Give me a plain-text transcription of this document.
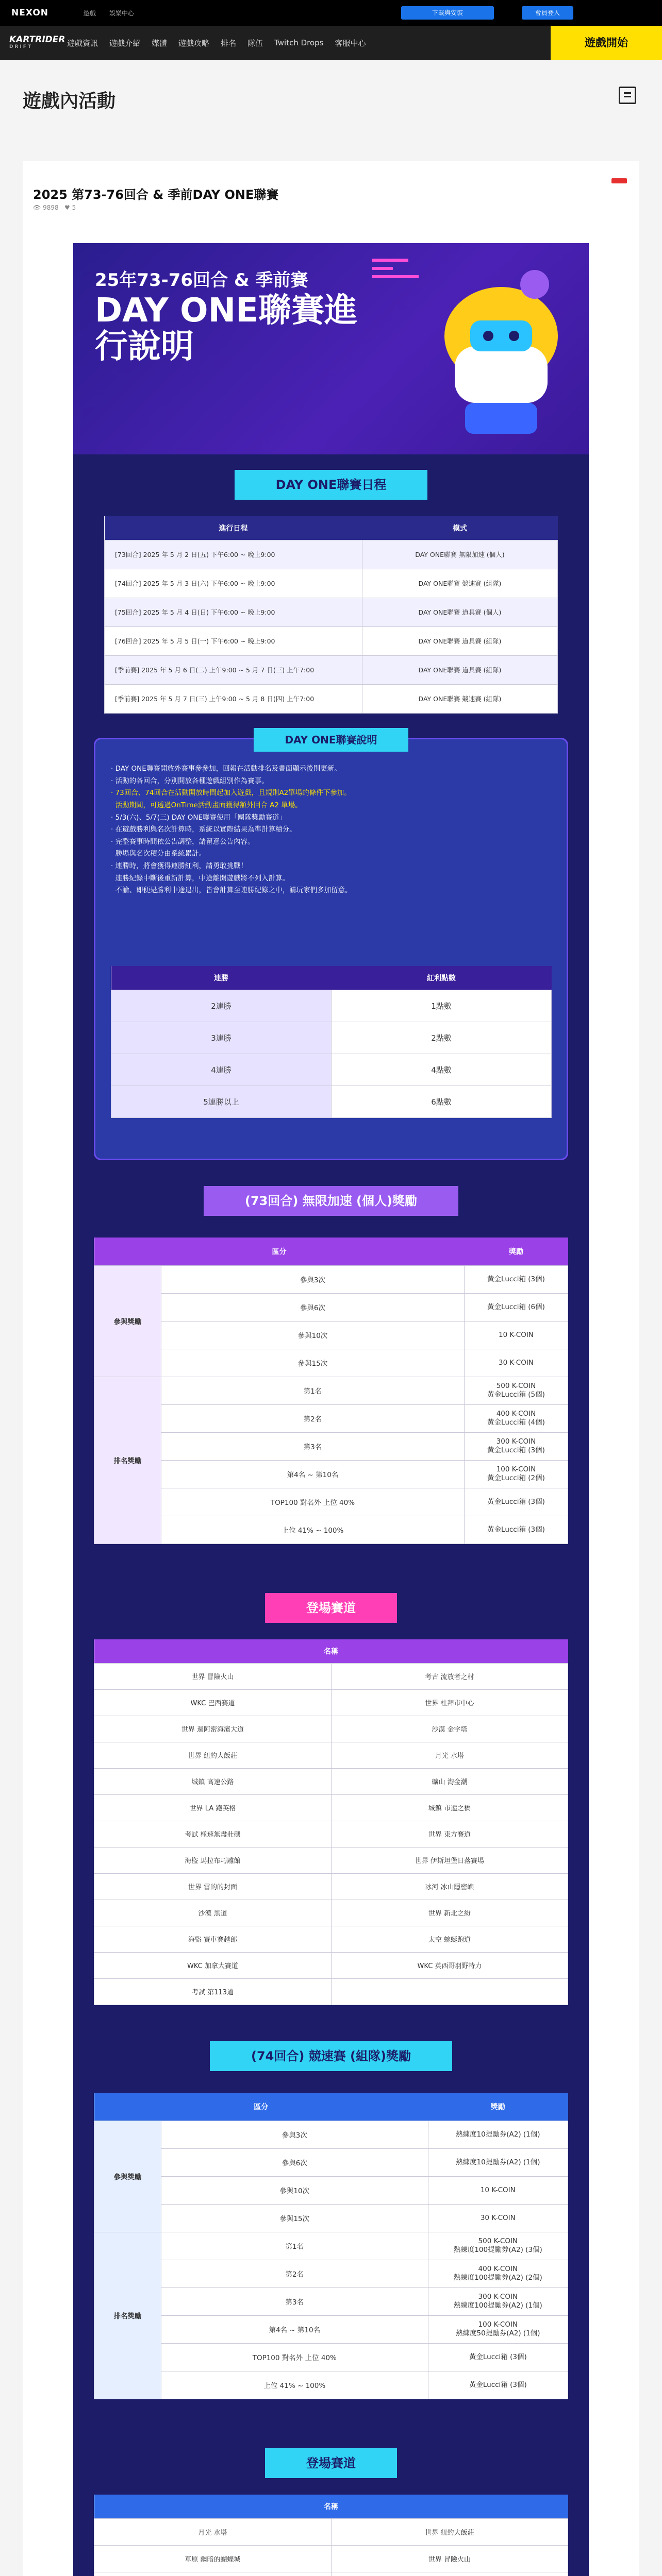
NEXON	遊戲 娛樂中心	下載與安裝	會員登入
KARTRIDER
DRIFT	遊戲資訊 遊戲介紹 媒體 遊戲攻略 排名 隊伍 Twitch Drops 客服中心	遊戲開始
遊戲內活動
2025 第73-76回合 & 季前DAY ONE聯賽
👁 9898   ♥ 5
25年73-76回合 & 季前賽
DAY ONE聯賽進行說明
DAY ONE聯賽日程
進行日程	模式
[73回合] 2025 年 5 月 2 日(五) 下午6:00 ~ 晚上9:00	DAY ONE聯賽 無限加速 (個人)
[74回合] 2025 年 5 月 3 日(六) 下午6:00 ~ 晚上9:00	DAY ONE聯賽 競速賽 (組隊)
[75回合] 2025 年 5 月 4 日(日) 下午6:00 ~ 晚上9:00	DAY ONE聯賽 道具賽 (個人)
[76回合] 2025 年 5 月 5 日(一) 下午6:00 ~ 晚上9:00	DAY ONE聯賽 道具賽 (組隊)
[季前賽] 2025 年 5 月 6 日(二) 上午9:00 ~ 5 月 7 日(三) 上午7:00	DAY ONE聯賽 道具賽 (組隊)
[季前賽] 2025 年 5 月 7 日(三) 上午9:00 ~ 5 月 8 日(四) 上午7:00	DAY ONE聯賽 競速賽 (組隊)
DAY ONE聯賽說明
· DAY ONE聯賽開放外賽事參參加，回報在活動排名及畫面顯示後則更新。
· 活動的各回合，分別開放各種遊戲組別作為賽事。
· 73回合、74回合在活動開放時間起加入遊戲，且規則A2單場的條件下參加。
活動期間，可透過OnTime活動畫面獲得額外回合 A2 單場。
· 5/3(六)、5/7(三) DAY ONE聯賽使用「團隊獎勵賽道」
· 在遊戲勝利與名次計算時，系統以實際結果為準計算積分。
· 完整賽事時間依公告調整，請留意公告內容。
勝場與名次積分由系統累計。
· 連勝時，將會獲得連勝紅利，請勇敢挑戰！
連勝紀錄中斷後重新計算，中途離開遊戲將不列入計算。
不論、即便是勝利中途退出，皆會計算至連勝紀錄之中，請玩家們多加留意。
連勝	紅利點數
2連勝	1點數
3連勝	2點數
4連勝	4點數
5連勝以上	6點數
(73回合) 無限加速 (個人)獎勵
區分		獎勵
參與獎勵	參與3次	黃金Lucci箱 (3個)
	參與6次	黃金Lucci箱 (6個)
	參與10次	10 K-COIN
	參與15次	30 K-COIN
排名獎勵	第1名	500 K-COIN
黃金Lucci箱 (5個)
	第2名	400 K-COIN
黃金Lucci箱 (4個)
	第3名	300 K-COIN
黃金Lucci箱 (3個)
	第4名 ~ 第10名	100 K-COIN
黃金Lucci箱 (2個)
	TOP100 對名外 上位 40%	黃金Lucci箱 (3個)
	上位 41% ~ 100%	黃金Lucci箱 (3個)
登場賽道
名稱	
世界 冒險火山	考古 流放者之村
WKC 巴西賽道	世界 杜拜市中心
世界 週阿密海濱大道	沙漠 金字塔
世界 紐約大飯莊	月光 水塔
城鎮 高速公路	礦山 淘金潮
世界 LA 跑英格	城鎮 市還之橋
考試 極速無盡壯碼	世界 東方賽道
海盜 馬拉布巧雕館	世界 伊斯坦堡日落賽場
世界 雷的的封面	冰河 冰山隱密嶼
沙漠 黑道	世界 新北之紛
海盜 賽車賽越郎	太空 蜿蜒跑道
WKC 加拿大賽道	WKC 英西哥羽野特力
考試 第113道	
(74回合) 競速賽 (組隊)獎勵
區分		獎勵
參與獎勵	參與3次	熱練度10提勵券(A2) (1個)
	參與6次	熱練度10提勵券(A2) (1個)
	參與10次	10 K-COIN
	參與15次	30 K-COIN
排名獎勵	第1名	500 K-COIN
熱練度100提勵券(A2) (3個)
	第2名	400 K-COIN
熱練度100提勵券(A2) (2個)
	第3名	300 K-COIN
熱練度100提勵券(A2) (1個)
	第4名 ~ 第10名	100 K-COIN
熱練度50提勵券(A2) (1個)
	TOP100 對名外 上位 40%	黃金Lucci箱 (3個)
	上位 41% ~ 100%	黃金Lucci箱 (3個)
登場賽道
名稱	
月光 水塔	世界 紐約大飯莊
草原 幽暗的蝴蝶城	世界 冒險火山
